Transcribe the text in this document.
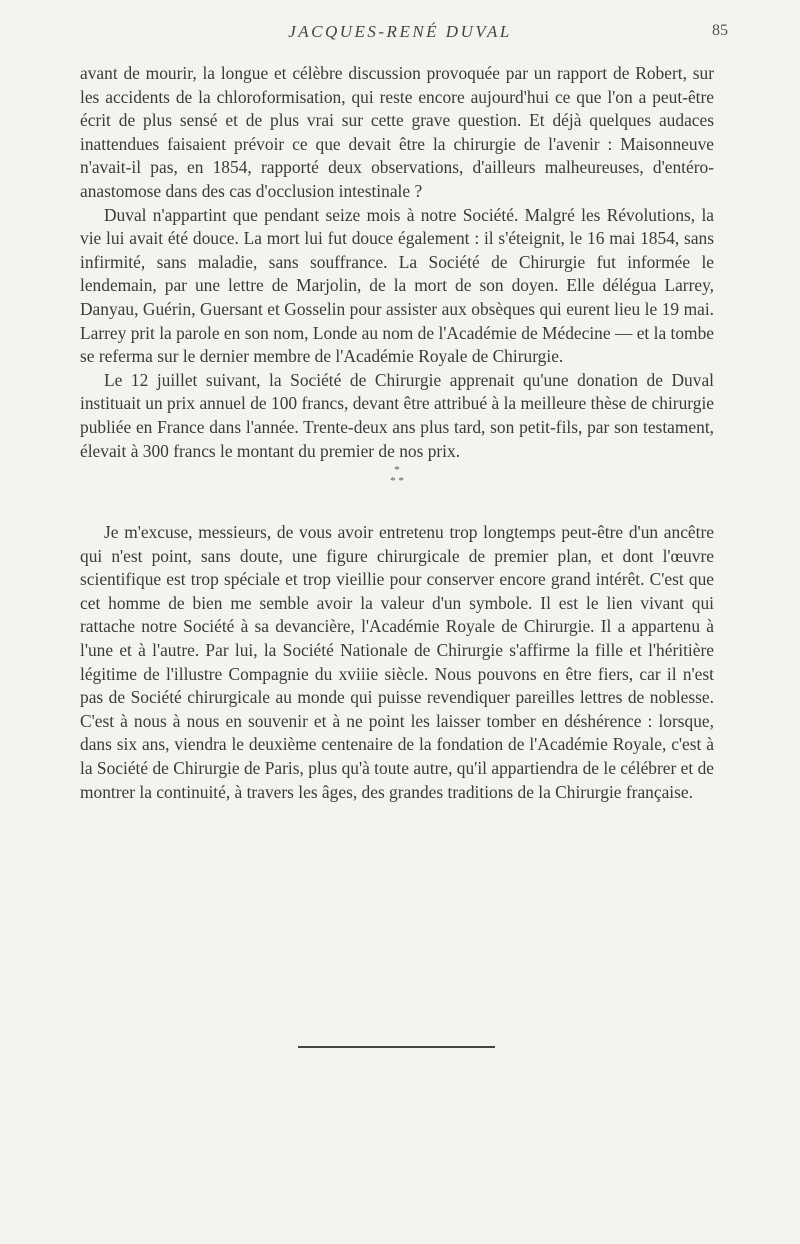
JACQUES-RENÉ DUVAL	85

avant de mourir, la longue et célèbre discussion provoquée par un rapport de Robert, sur les accidents de la chloroformisation, qui reste encore aujourd'hui ce que l'on a peut-être écrit de plus sensé et de plus vrai sur cette grave question. Et déjà quelques audaces inattendues faisaient prévoir ce que devait être la chirurgie de l'avenir : Maisonneuve n'avait-il pas, en 1854, rapporté deux observations, d'ailleurs malheureuses, d'entéro-anastomose dans des cas d'occlusion intestinale ?

Duval n'appartint que pendant seize mois à notre Société. Malgré les Révolutions, la vie lui avait été douce. La mort lui fut douce également : il s'éteignit, le 16 mai 1854, sans infirmité, sans maladie, sans souffrance. La Société de Chirurgie fut informée le lendemain, par une lettre de Marjolin, de la mort de son doyen. Elle délégua Larrey, Danyau, Guérin, Guersant et Gosselin pour assister aux obsèques qui eurent lieu le 19 mai. Larrey prit la parole en son nom, Londe au nom de l'Académie de Médecine — et la tombe se referma sur le dernier membre de l'Académie Royale de Chirurgie.

Le 12 juillet suivant, la Société de Chirurgie apprenait qu'une donation de Duval instituait un prix annuel de 100 francs, devant être attribué à la meilleure thèse de chirurgie publiée en France dans l'année. Trente-deux ans plus tard, son petit-fils, par son testament, élevait à 300 francs le montant du premier de nos prix.

*
* *

Je m'excuse, messieurs, de vous avoir entretenu trop longtemps peut-être d'un ancêtre qui n'est point, sans doute, une figure chirurgicale de premier plan, et dont l'œuvre scientifique est trop spéciale et trop vieillie pour conserver encore grand intérêt. C'est que cet homme de bien me semble avoir la valeur d'un symbole. Il est le lien vivant qui rattache notre Société à sa devancière, l'Académie Royale de Chirurgie. Il a appartenu à l'une et à l'autre. Par lui, la Société Nationale de Chirurgie s'affirme la fille et l'héritière légitime de l'illustre Compagnie du xviiie siècle. Nous pouvons en être fiers, car il n'est pas de Société chirurgicale au monde qui puisse revendiquer pareilles lettres de noblesse. C'est à nous à nous en souvenir et à ne point les laisser tomber en déshérence : lorsque, dans six ans, viendra le deuxième centenaire de la fondation de l'Académie Royale, c'est à la Société de Chirurgie de Paris, plus qu'à toute autre, qu'il appartiendra de le célébrer et de montrer la continuité, à travers les âges, des grandes traditions de la Chirurgie française.
